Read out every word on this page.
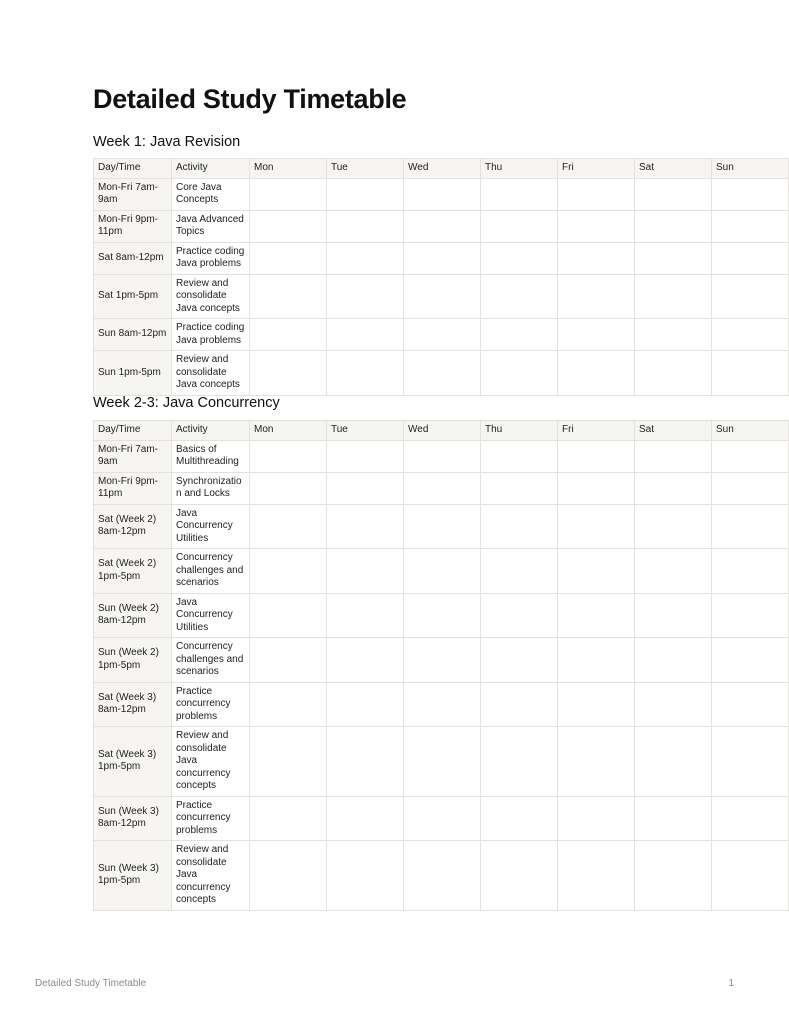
Detailed Study Timetable
Week 1: Java Revision
Day/Time	Activity	Mon	Tue	Wed	Thu	Fri	Sat	Sun
Mon-Fri 7am-9am	Core Java Concepts							
Mon-Fri 9pm-11pm	Java Advanced Topics							
Sat 8am-12pm	Practice coding Java problems							
Sat 1pm-5pm	Review and consolidate Java concepts							
Sun 8am-12pm	Practice coding Java problems							
Sun 1pm-5pm	Review and consolidate Java concepts							
Week 2-3: Java Concurrency
Day/Time	Activity	Mon	Tue	Wed	Thu	Fri	Sat	Sun
Mon-Fri 7am-9am	Basics of Multithreading							
Mon-Fri 9pm-11pm	Synchronization and Locks							
Sat (Week 2) 8am-12pm	Java Concurrency Utilities							
Sat (Week 2) 1pm-5pm	Concurrency challenges and scenarios							
Sun (Week 2) 8am-12pm	Java Concurrency Utilities							
Sun (Week 2) 1pm-5pm	Concurrency challenges and scenarios							
Sat (Week 3) 8am-12pm	Practice concurrency problems							
Sat (Week 3) 1pm-5pm	Review and consolidate Java concurrency concepts							
Sun (Week 3) 8am-12pm	Practice concurrency problems							
Sun (Week 3) 1pm-5pm	Review and consolidate Java concurrency concepts							
Detailed Study Timetable	1
